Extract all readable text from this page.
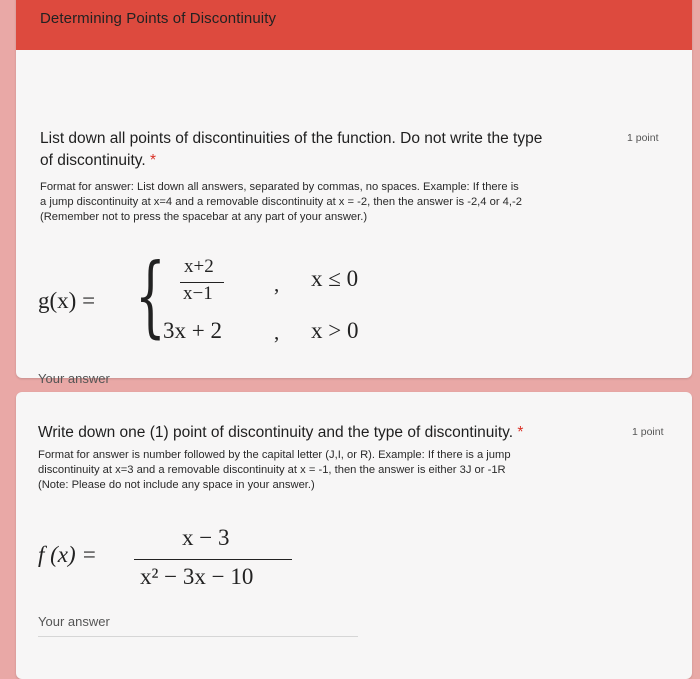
Determining Points of Discontinuity
List down all points of discontinuities of the function. Do not write the type
of discontinuity. *
1 point
Format for answer: List down all answers, separated by commas, no spaces. Example: If there is
a jump discontinuity at x=4 and a removable discontinuity at x = -2, then the answer is -2,4 or 4,-2
(Remember not to press the spacebar at any part of your answer.)
g(x) = { x+2
x−1	, x ≤ 0
3x + 2 , x > 0
Your answer
Write down one (1) point of discontinuity and the type of discontinuity. *	1 point
Format for answer is number followed by the capital letter (J,I, or R). Example: If there is a jump
discontinuity at x=3 and a removable discontinuity at x = -1, then the answer is either 3J or -1R
(Note: Please do not include any space in your answer.)
f (x) =
x − 3
x² − 3x − 10
Your answer
